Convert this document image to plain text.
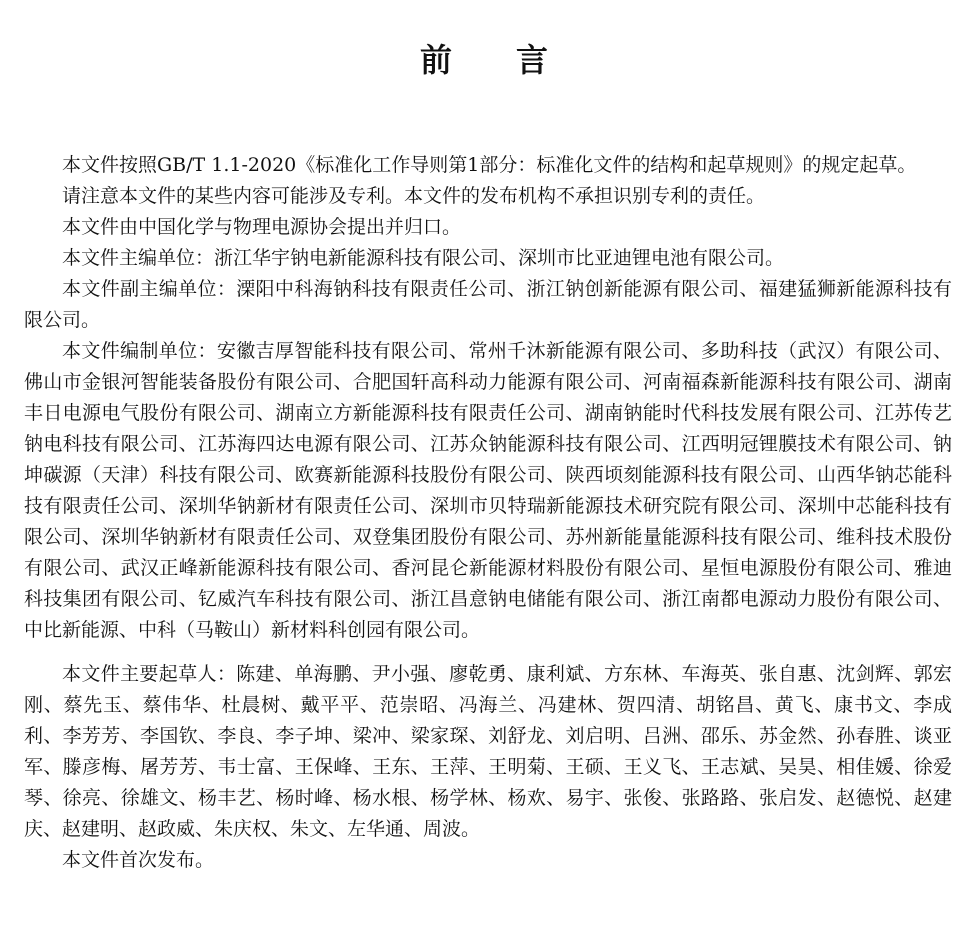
前 言

本文件按照GB/T 1.1-2020《标准化工作导则第1部分：标准化文件的结构和起草规则》的规定起草。

请注意本文件的某些内容可能涉及专利。本文件的发布机构不承担识别专利的责任。

本文件由中国化学与物理电源协会提出并归口。

本文件主编单位：浙江华宇钠电新能源科技有限公司、深圳市比亚迪锂电池有限公司。

本文件副主编单位：溧阳中科海钠科技有限责任公司、浙江钠创新能源有限公司、福建猛狮新能源科技有限公司。

本文件编制单位：安徽吉厚智能科技有限公司、常州千沐新能源有限公司、多助科技（武汉）有限公司、佛山市金银河智能装备股份有限公司、合肥国轩高科动力能源有限公司、河南福森新能源科技有限公司、湖南丰日电源电气股份有限公司、湖南立方新能源科技有限责任公司、湖南钠能时代科技发展有限公司、江苏传艺钠电科技有限公司、江苏海四达电源有限公司、江苏众钠能源科技有限公司、江西明冠锂膜技术有限公司、钠坤碳源（天津）科技有限公司、欧赛新能源科技股份有限公司、陕西顷刻能源科技有限公司、山西华钠芯能科技有限责任公司、深圳华钠新材有限责任公司、深圳市贝特瑞新能源技术研究院有限公司、深圳中芯能科技有限公司、深圳华钠新材有限责任公司、双登集团股份有限公司、苏州新能量能源科技有限公司、维科技术股份有限公司、武汉正峰新能源科技有限公司、香河昆仑新能源材料股份有限公司、星恒电源股份有限公司、雅迪科技集团有限公司、钇威汽车科技有限公司、浙江昌意钠电储能有限公司、浙江南都电源动力股份有限公司、中比新能源、中科（马鞍山）新材料科创园有限公司。

本文件主要起草人：陈建、单海鹏、尹小强、廖乾勇、康利斌、方东林、车海英、张自惠、沈剑辉、郭宏刚、蔡先玉、蔡伟华、杜晨树、戴平平、范崇昭、冯海兰、冯建林、贺四清、胡铭昌、黄飞、康书文、李成利、李芳芳、李国钦、李良、李子坤、梁冲、梁家琛、刘舒龙、刘启明、吕洲、邵乐、苏金然、孙春胜、谈亚军、滕彦梅、屠芳芳、韦士富、王保峰、王东、王萍、王明菊、王硕、王义飞、王志斌、吴昊、相佳媛、徐爱琴、徐亮、徐雄文、杨丰艺、杨时峰、杨水根、杨学林、杨欢、易宇、张俊、张路路、张启发、赵德悦、赵建庆、赵建明、赵政威、朱庆权、朱文、左华通、周波。

本文件首次发布。
